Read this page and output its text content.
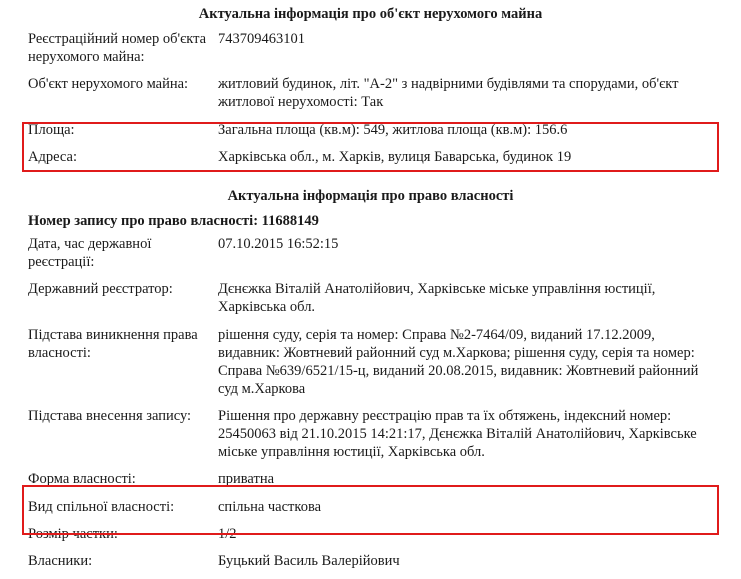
Актуальна інформація про об'єкт нерухомого майна
Реєстраційний номер об'єкта нерухомого майна:	743709463101
Об'єкт нерухомого майна:	житловий будинок, літ. "А-2" з надвірними будівлями та спорудами, об'єкт житлової нерухомості: Так
Площа:	Загальна площа (кв.м): 549, житлова площа (кв.м): 156.6
Адреса:	Харківська обл., м. Харків, вулиця Баварська, будинок 19
Актуальна інформація про право власності
Номер запису про право власності: 11688149
Дата, час державної реєстрації:	07.10.2015 16:52:15
Державний реєстратор:	Дєнєжка Віталій Анатолійович, Харківське міське управління юстиції, Харківська обл.
Підстава виникнення права власності:	рішення суду, серія та номер: Справа №2-7464/09, виданий 17.12.2009, видавник: Жовтневий районний суд м.Харкова; рішення суду, серія та номер: Справа №639/6521/15-ц, виданий 20.08.2015, видавник: Жовтневий районний суд м.Харкова
Підстава внесення запису:	Рішення про державну реєстрацію прав та їх обтяжень, індексний номер: 25450063 від 21.10.2015 14:21:17, Дєнєжка Віталій Анатолійович, Харківське міське управління юстиції, Харківська обл.
Форма власності:	приватна
Вид спільної власності:	спільна часткова
Розмір частки:	1/2
Власники:	Буцький Василь Валерійович
